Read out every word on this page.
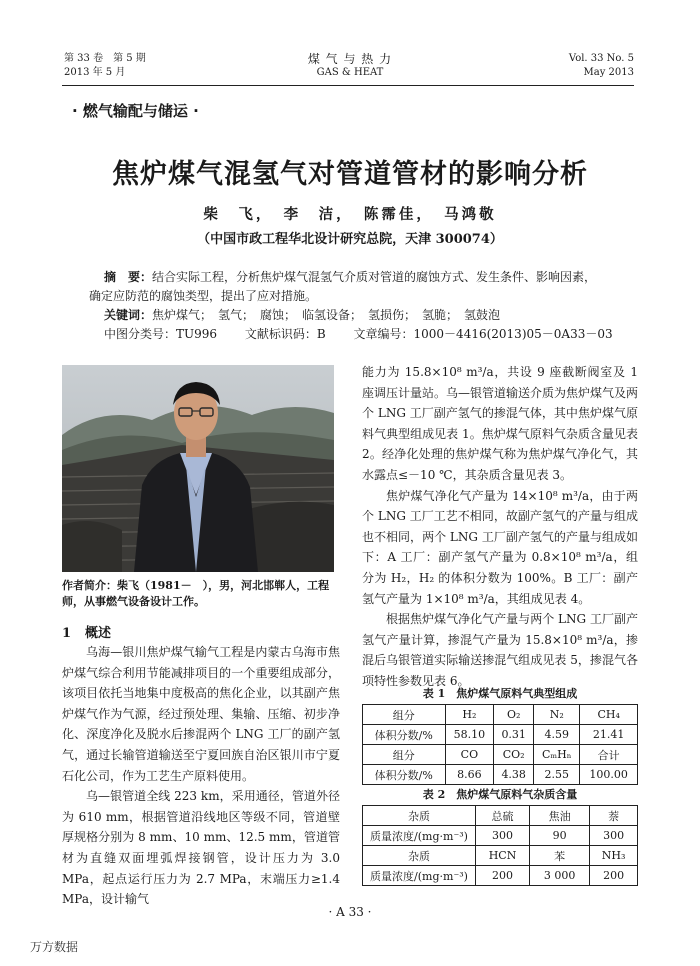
第 33 卷　第 5 期
2013 年 5 月
煤 气 与 热 力
GAS & HEAT
Vol. 33 No. 5
May 2013
· 燃气输配与储运 ·
焦炉煤气混氢气对管道管材的影响分析
柴　飞，　李　洁，　陈霈佳，　马鸿敬
（中国市政工程华北设计研究总院，天津 300074）
摘　要：结合实际工程，分析焦炉煤气混氢气介质对管道的腐蚀方式、发生条件、影响因素，
确定应防范的腐蚀类型，提出了应对措施。
关键词：焦炉煤气；　氢气；　腐蚀；　临氢设备；　氢损伤；　氢脆；　氢鼓泡
中图分类号：TU996 文献标识码：B 文章编号：1000－4416(2013)05－0A33－03
作者简介：柴飞（1981－　），男，河北邯郸人，工程师，从事燃气设备设计工作。
1 概述

乌海—银川焦炉煤气输气工程是内蒙古乌海市焦炉煤气综合利用节能减排项目的一个重要组成部分，该项目依托当地集中度极高的焦化企业，以其副产焦炉煤气作为气源，经过预处理、集输、压缩、初步净化、深度净化及脱水后掺混两个 LNG 工厂的副产氢气，通过长输管道输送至宁夏回族自治区银川市宁夏石化公司，作为工艺生产原料使用。

乌—银管道全线 223 km，采用通径，管道外径为 610 mm，根据管道沿线地区等级不同，管道壁厚规格分别为 8 mm、10 mm、12.5 mm，管道管材为直缝双面埋弧焊接钢管，设计压力为 3.0 MPa，起点运行压力为 2.7 MPa，末端压力≥1.4 MPa，设计输气

能力为 15.8×10⁸ m³/a，共设 9 座截断阀室及 1 座调压计量站。乌—银管道输送介质为焦炉煤气及两个 LNG 工厂副产氢气的掺混气体，其中焦炉煤气原料气典型组成见表 1。焦炉煤气原料气杂质含量见表 2。经净化处理的焦炉煤气称为焦炉煤气净化气，其水露点≤－10 ℃，其杂质含量见表 3。

焦炉煤气净化气产量为 14×10⁸ m³/a，由于两个 LNG 工厂工艺不相同，故副产氢气的产量与组成也不相同，两个 LNG 工厂副产氢气的产量与组成如下：A 工厂：副产氢气产量为 0.8×10⁸ m³/a，组分为 H₂，H₂ 的体积分数为 100%。B 工厂：副产氢气产量为 1×10⁸ m³/a，其组成见表 4。

根据焦炉煤气净化气产量与两个 LNG 工厂副产氢气产量计算，掺混气产量为 15.8×10⁸ m³/a，掺混后乌银管道实际输送掺混气组成见表 5，掺混气各项特性参数见表 6。

表 1　焦炉煤气原料气典型组成
组分	H₂	O₂	N₂	CH₄
体积分数/%	58.10	0.31	4.59	21.41
组分	CO	CO₂	CₘHₙ	合计
体积分数/%	8.66	4.38	2.55	100.00
表 2　焦炉煤气原料气杂质含量
杂质	总硫	焦油	萘
质量浓度/(mg·m⁻³)	300	90	300
杂质	HCN	苯	NH₃
质量浓度/(mg·m⁻³)	200	3 000	200
· A 33 ·
万方数据
